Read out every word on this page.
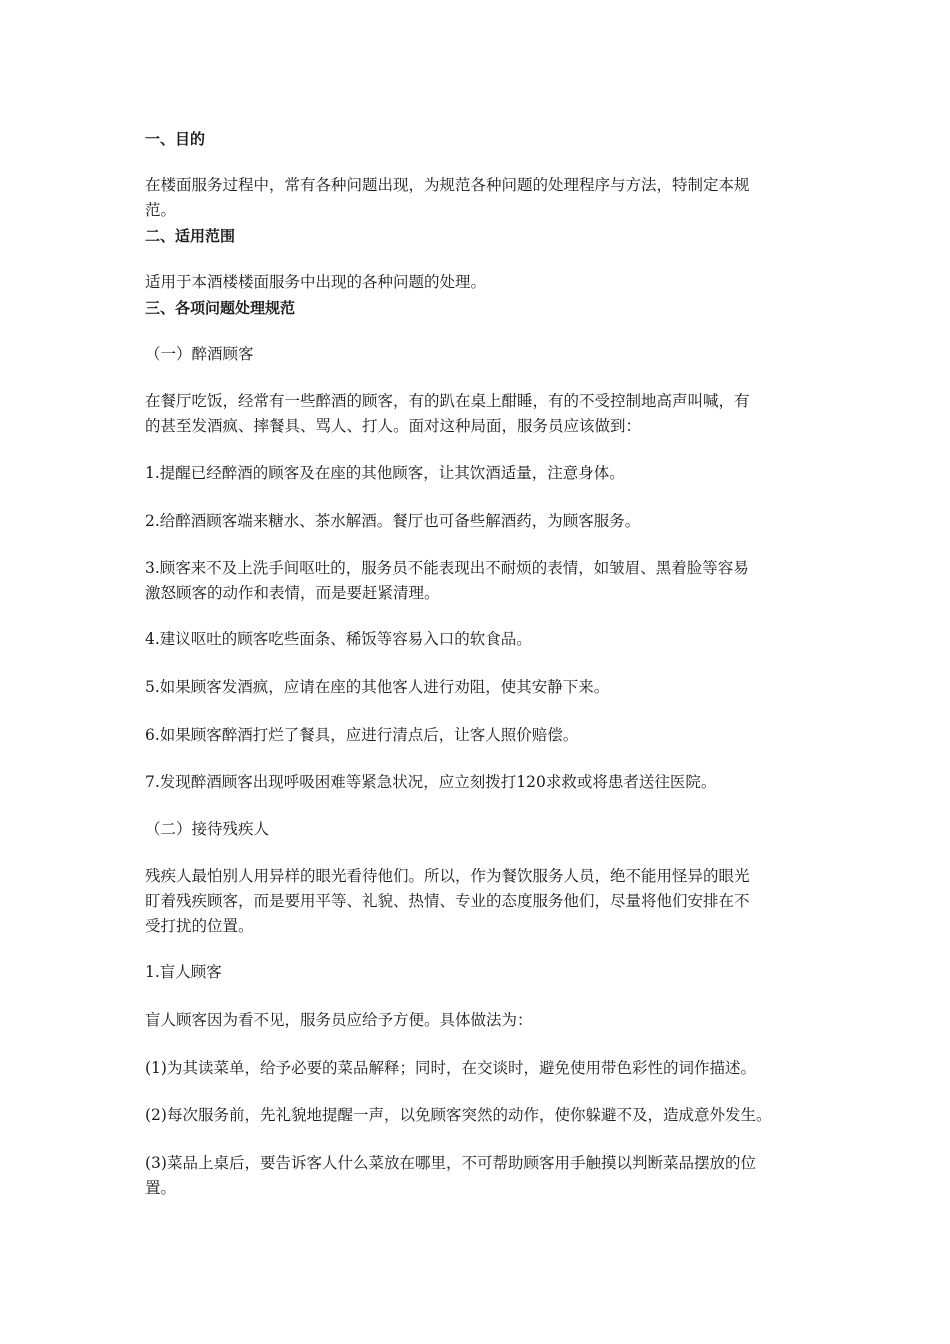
一、目的
在楼面服务过程中，常有各种问题出现，为规范各种问题的处理程序与方法，特制定本规
范。
二、适用范围
适用于本酒楼楼面服务中出现的各种问题的处理。
三、各项问题处理规范
（一）醉酒顾客
在餐厅吃饭，经常有一些醉酒的顾客，有的趴在桌上酣睡，有的不受控制地高声叫喊，有
的甚至发酒疯、摔餐具、骂人、打人。面对这种局面，服务员应该做到：
1.提醒已经醉酒的顾客及在座的其他顾客，让其饮酒适量，注意身体。
2.给醉酒顾客端来糖水、茶水解酒。餐厅也可备些解酒药，为顾客服务。
3.顾客来不及上洗手间呕吐的，服务员不能表现出不耐烦的表情，如皱眉、黑着脸等容易
激怒顾客的动作和表情，而是要赶紧清理。
4.建议呕吐的顾客吃些面条、稀饭等容易入口的软食品。
5.如果顾客发酒疯，应请在座的其他客人进行劝阻，使其安静下来。
6.如果顾客醉酒打烂了餐具，应进行清点后，让客人照价赔偿。
7.发现醉酒顾客出现呼吸困难等紧急状况，应立刻拨打120求救或将患者送往医院。
（二）接待残疾人
残疾人最怕别人用异样的眼光看待他们。所以，作为餐饮服务人员，绝不能用怪异的眼光
盯着残疾顾客，而是要用平等、礼貌、热情、专业的态度服务他们，尽量将他们安排在不
受打扰的位置。
1.盲人顾客
盲人顾客因为看不见，服务员应给予方便。具体做法为：
(1)为其读菜单，给予必要的菜品解释；同时，在交谈时，避免使用带色彩性的词作描述。
(2)每次服务前，先礼貌地提醒一声，以免顾客突然的动作，使你躲避不及，造成意外发生。
(3)菜品上桌后，要告诉客人什么菜放在哪里，不可帮助顾客用手触摸以判断菜品摆放的位
置。
